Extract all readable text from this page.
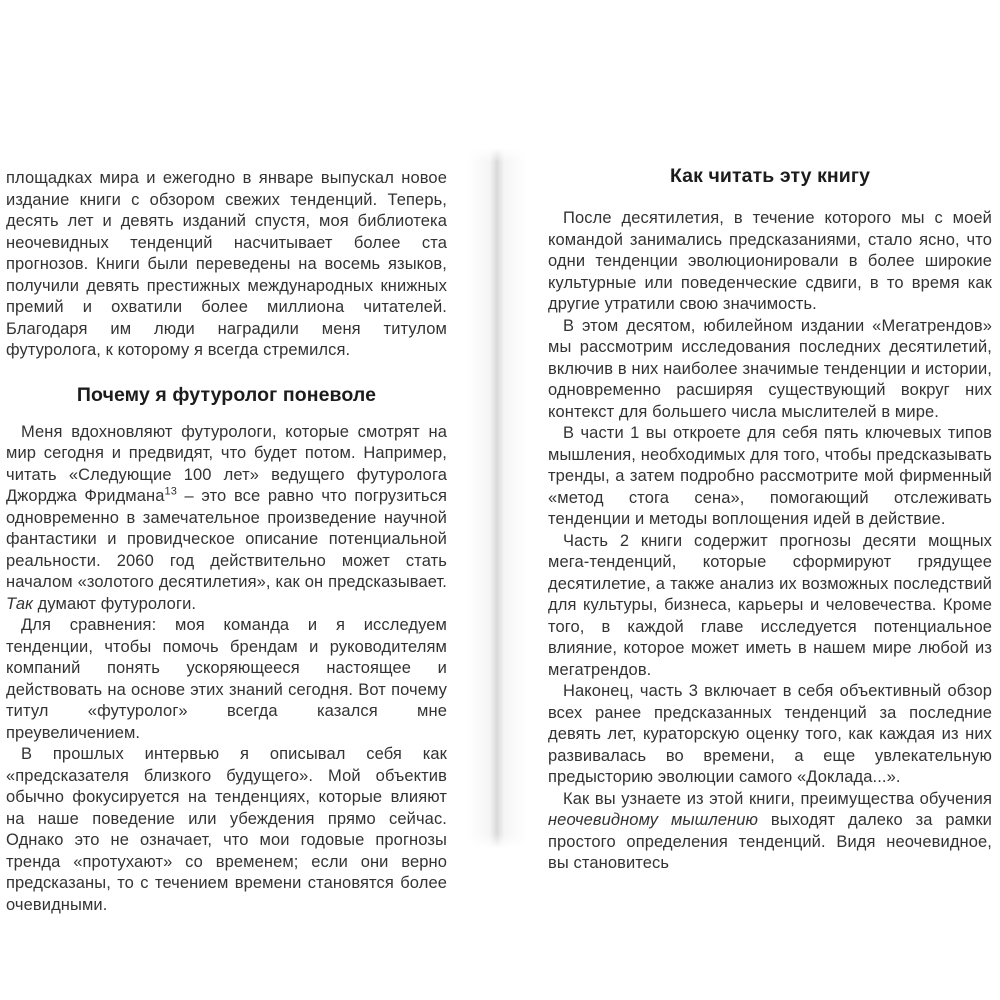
площадках мира и ежегодно в январе выпускал новое издание книги с обзором свежих тенденций. Теперь, десять лет и девять изданий спустя, моя библиотека неочевидных тенденций насчитывает более ста прогнозов. Книги были переведены на восемь языков, получили девять престижных международных книжных премий и охватили более миллиона читателей. Благодаря им люди наградили меня титулом футуролога, к которому я всегда стремился.

Почему я футуролог поневоле

Меня вдохновляют футурологи, которые смотрят на мир сегодня и предвидят, что будет потом. Например, читать «Следующие 100 лет» ведущего футуролога Джорджа Фридмана$^{13}$ – это все равно что погрузиться одновременно в замечательное произведение научной фантастики и провидческое описание потенциальной реальности. 2060 год действительно может стать началом «золотого десятилетия», как он предсказывает. Так думают футурологи.

Для сравнения: моя команда и я исследуем тенденции, чтобы помочь брендам и руководителям компаний понять ускоряющееся настоящее и действовать на основе этих знаний сегодня. Вот почему титул «футуролог» всегда казался мне преувеличением.

В прошлых интервью я описывал себя как «предсказателя близкого будущего». Мой объектив обычно фокусируется на тенденциях, которые влияют на наше поведение или убеждения прямо сейчас. Однако это не означает, что мои годовые прогнозы тренда «протухают» со временем; если они верно предсказаны, то с течением времени становятся более очевидными.

Как читать эту книгу

После десятилетия, в течение которого мы с моей командой занимались предсказаниями, стало ясно, что одни тенденции эволюционировали в более широкие культурные или поведенческие сдвиги, в то время как другие утратили свою значимость.

В этом десятом, юбилейном издании «Мегатрендов» мы рассмотрим исследования последних десятилетий, включив в них наиболее значимые тенденции и истории, одновременно расширяя существующий вокруг них контекст для большего числа мыслителей в мире.

В части 1 вы откроете для себя пять ключевых типов мышления, необходимых для того, чтобы предсказывать тренды, а затем подробно рассмотрите мой фирменный «метод стога сена», помогающий отслеживать тенденции и методы воплощения идей в действие.

Часть 2 книги содержит прогнозы десяти мощных мега-тенденций, которые сформируют грядущее десятилетие, а также анализ их возможных последствий для культуры, бизнеса, карьеры и человечества. Кроме того, в каждой главе исследуется потенциальное влияние, которое может иметь в нашем мире любой из мегатрендов.

Наконец, часть 3 включает в себя объективный обзор всех ранее предсказанных тенденций за последние девять лет, кураторскую оценку того, как каждая из них развивалась во времени, а еще увлекательную предысторию эволюции самого «Доклада...».

Как вы узнаете из этой книги, преимущества обучения неочевидному мышлению выходят далеко за рамки простого определения тенденций. Видя неочевидное, вы становитесь
